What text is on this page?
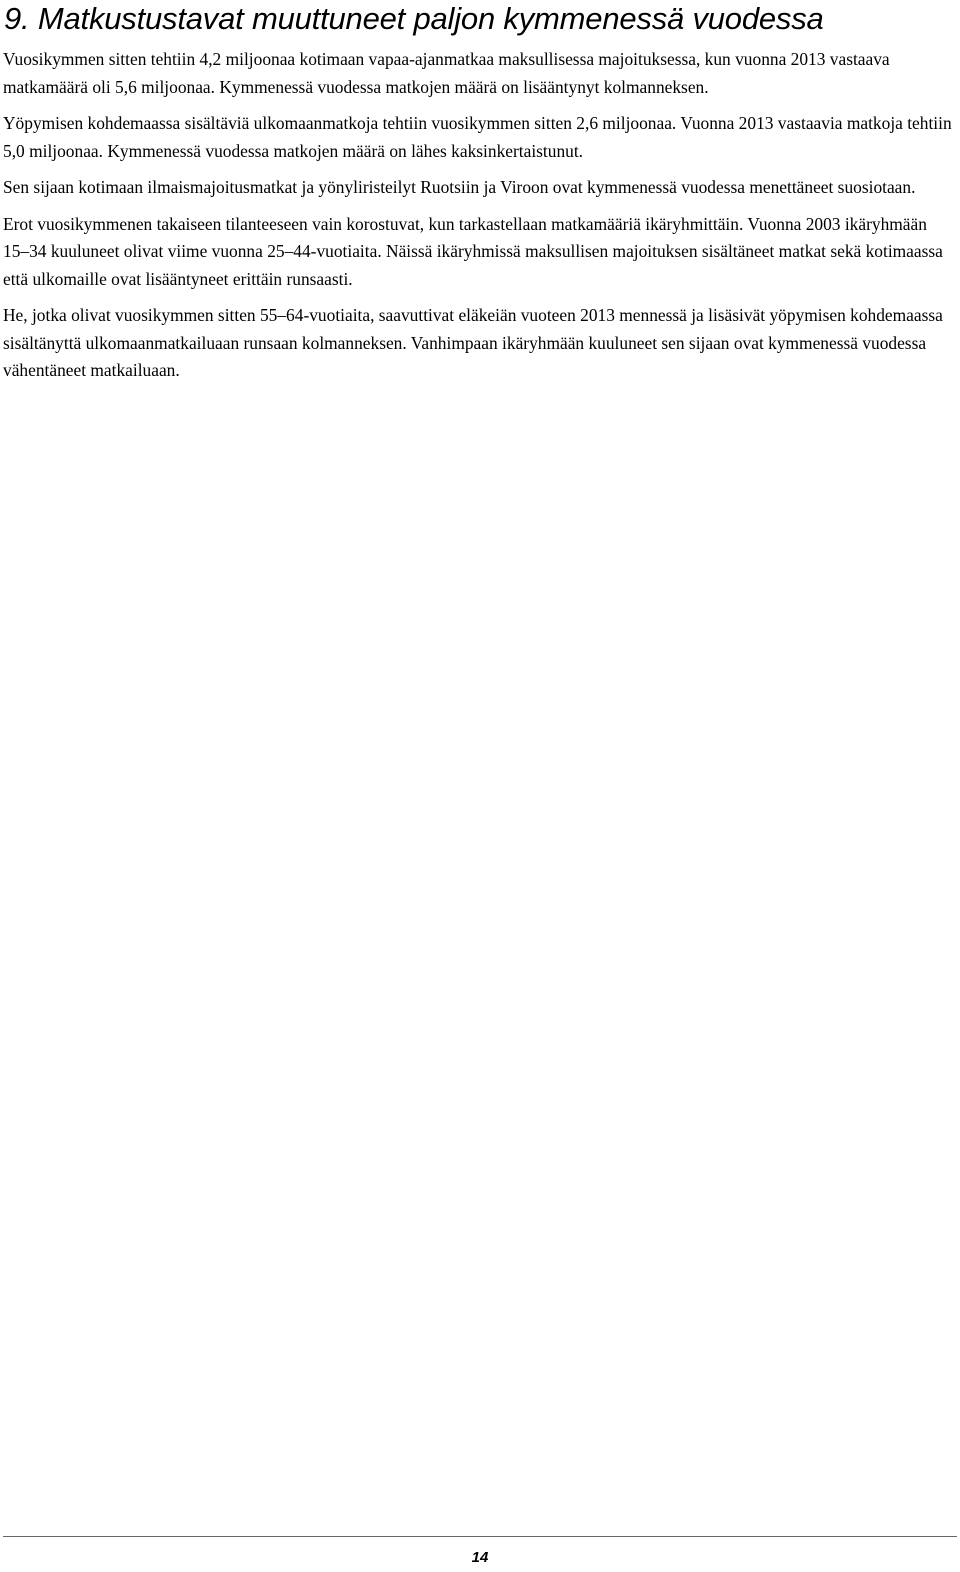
9. Matkustustavat muuttuneet paljon kymmenessä vuodessa

Vuosikymmen sitten tehtiin 4,2 miljoonaa kotimaan vapaa-ajanmatkaa maksullisessa majoituksessa, kun vuonna 2013 vastaava matkamäärä oli 5,6 miljoonaa. Kymmenessä vuodessa matkojen määrä on lisääntynyt kolmanneksen.

Yöpymisen kohdemaassa sisältäviä ulkomaanmatkoja tehtiin vuosikymmen sitten 2,6 miljoonaa. Vuonna 2013 vastaavia matkoja tehtiin 5,0 miljoonaa. Kymmenessä vuodessa matkojen määrä on lähes kaksinkertaistunut.

Sen sijaan kotimaan ilmaismajoitusmatkat ja yönyliristeilyt Ruotsiin ja Viroon ovat kymmenessä vuodessa menettäneet suosiotaan.

Erot vuosikymmenen takaiseen tilanteeseen vain korostuvat, kun tarkastellaan matkamääriä ikäryhmittäin. Vuonna 2003 ikäryhmään 15–34 kuuluneet olivat viime vuonna 25–44-vuotiaita. Näissä ikäryhmissä maksullisen majoituksen sisältäneet matkat sekä kotimaassa että ulkomaille ovat lisääntyneet erittäin runsaasti.

He, jotka olivat vuosikymmen sitten 55–64-vuotiaita, saavuttivat eläkeiän vuoteen 2013 mennessä ja lisäsivät yöpymisen kohdemaassa sisältänyttä ulkomaanmatkailuaan runsaan kolmanneksen. Vanhimpaan ikäryhmään kuuluneet sen sijaan ovat kymmenessä vuodessa vähentäneet matkailuaan.

14
